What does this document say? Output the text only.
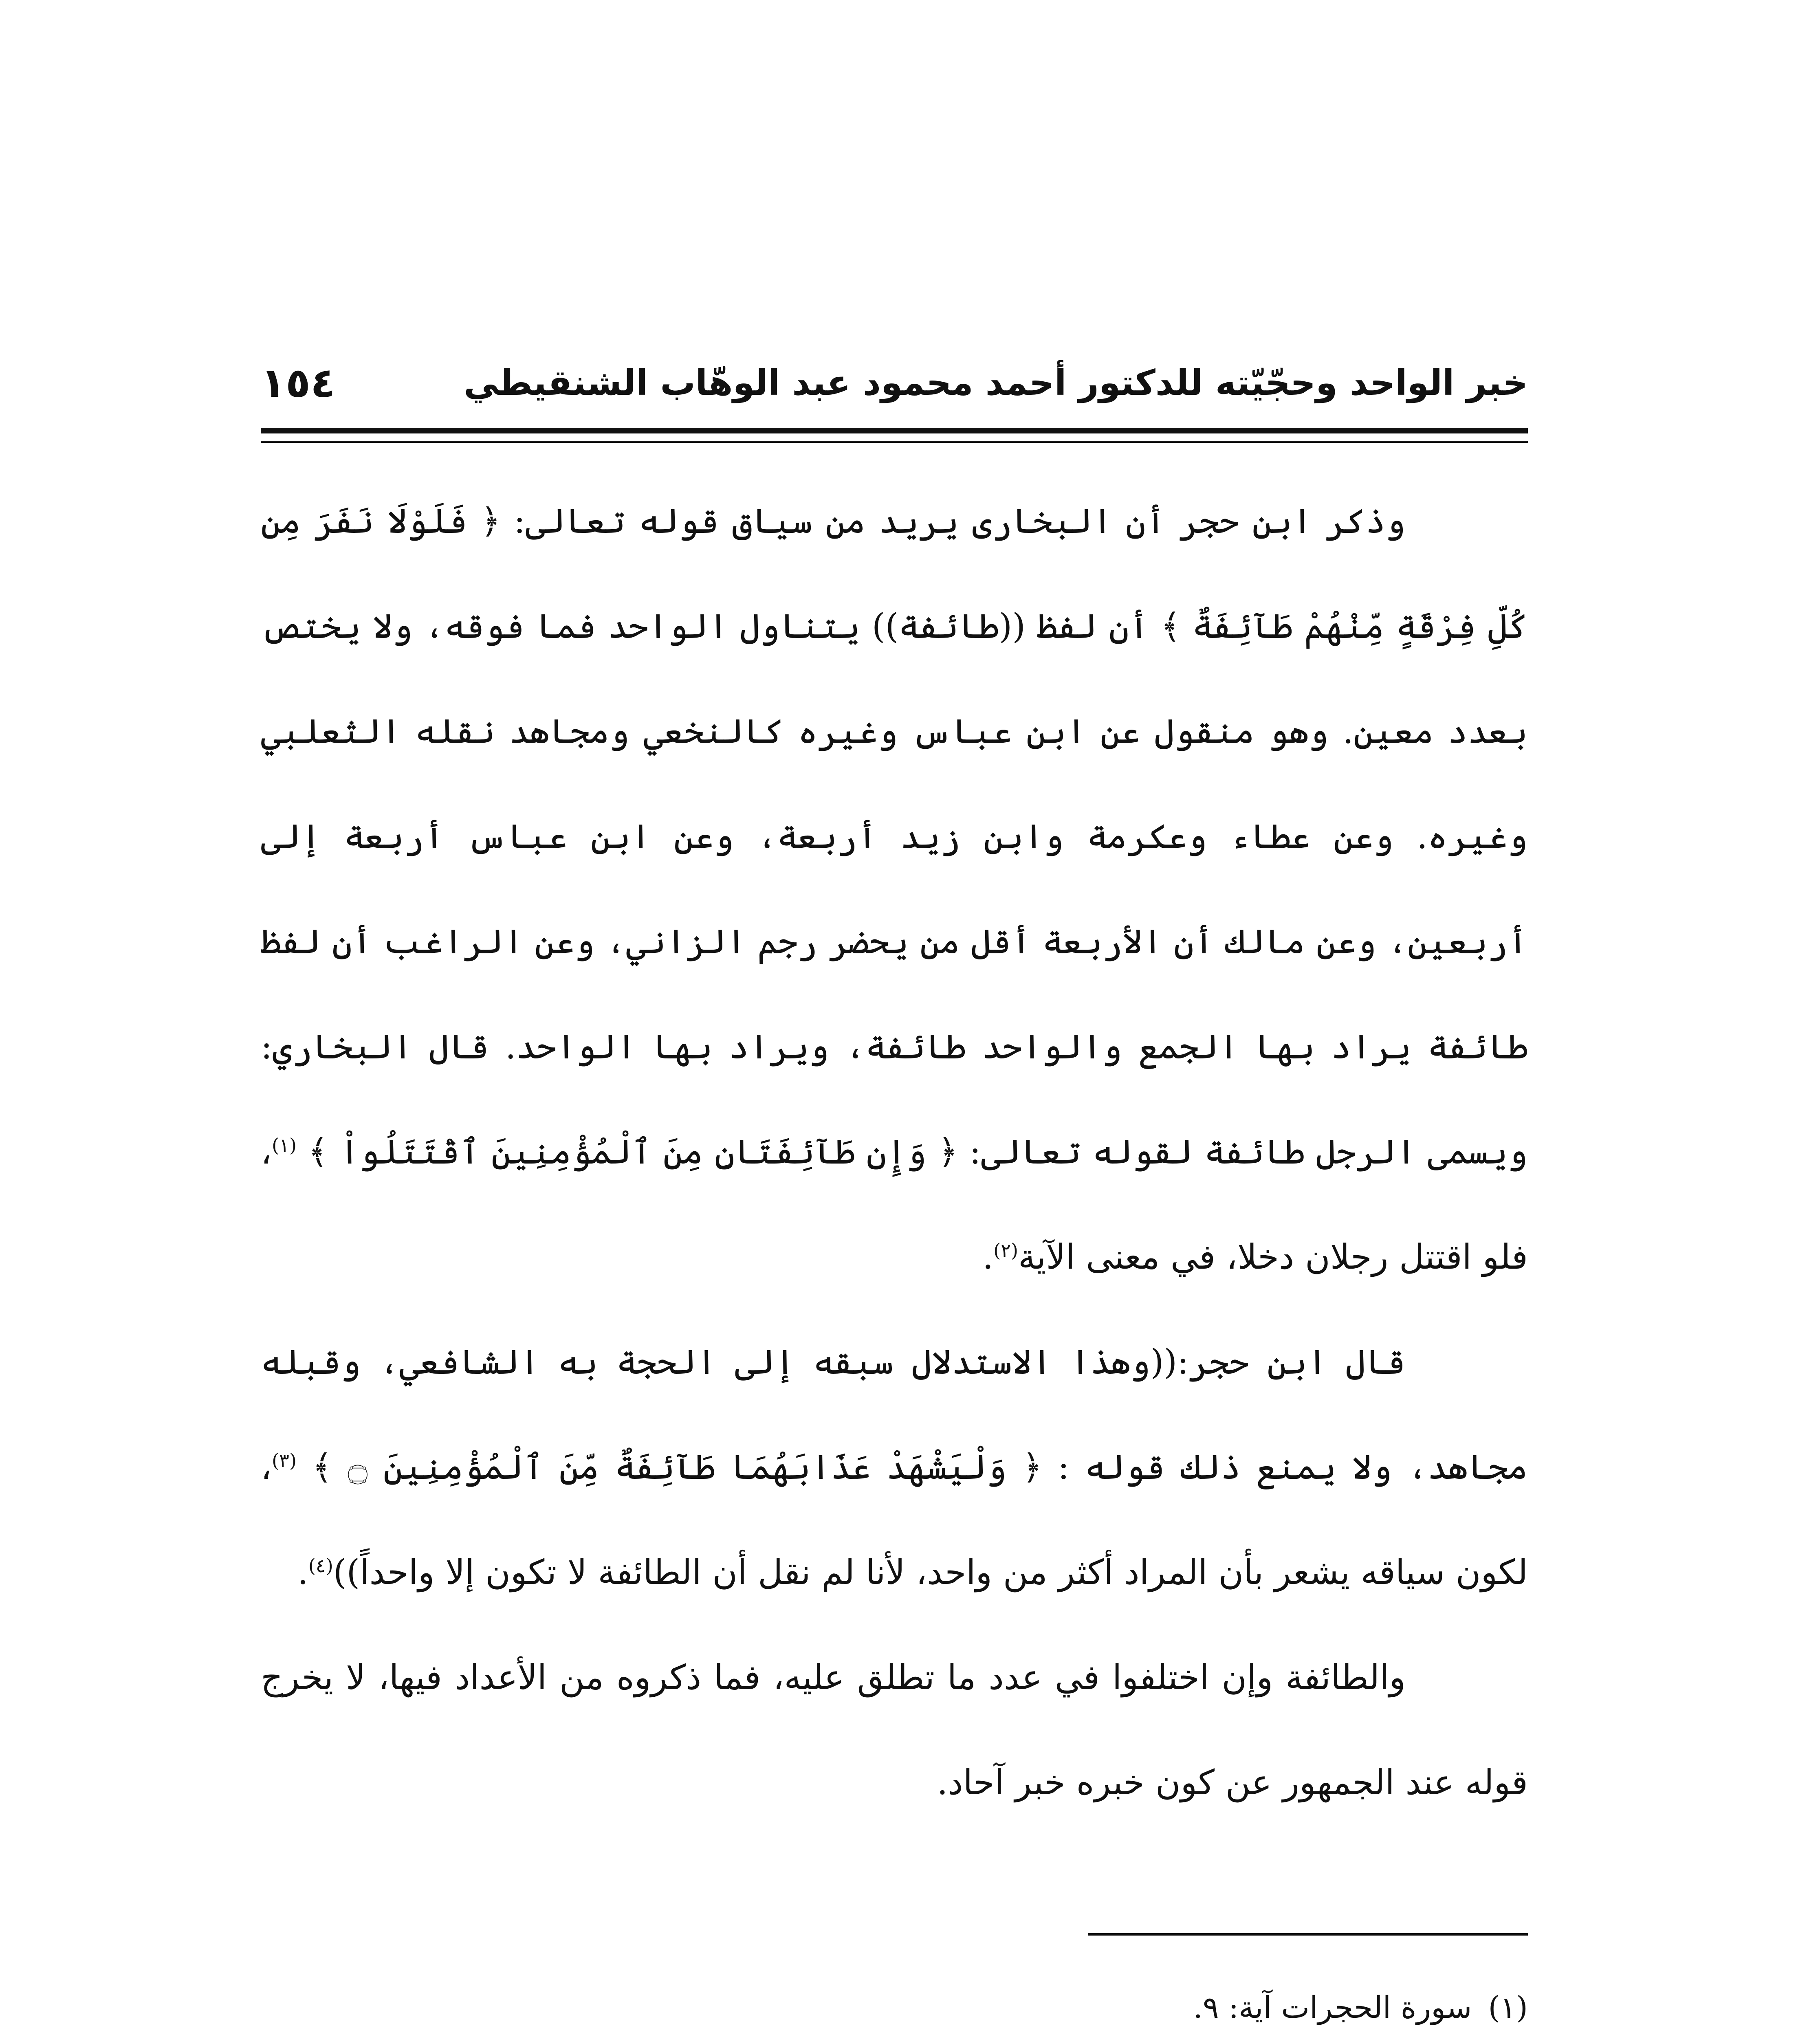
خبر الواحد وحجّيّته للدكتور أحمد محمود عبد الوهّاب الشنقيطي
١٥٤

وذكر ابن حجر أن البخارى يريد من سياق قوله تعالى: ﴿ فَلَوْلَا نَفَرَ مِن كُلِّ فِرْقَةٍ مِّنْهُمْ طَآئِفَةٌ ﴾ أن لفظ ((طائفة)) يتناول الواحد فما فوقه، ولا يختص بعدد معين. وهو منقول عن ابن عباس وغيره كالنخعي ومجاهد نقله الثعلبي وغيره. وعن عطاء وعكرمة وابن زيد أربعة، وعن ابن عباس أربعة إلى أربعين، وعن مالك أن الأربعة أقل من يحضر رجم الزاني، وعن الراغب أن لفظ طائفة يراد بها الجمع والواحد طائفة، ويراد بها الواحد. قال البخاري: ويسمى الرجل طائفة لقوله تعالى: ﴿ وَإِن طَآئِفَتَانِ مِنَ ٱلْمُؤْمِنِينَ ٱقْتَتَلُواْ ﴾ $^{(١)}$، فلو اقتتل رجلان دخلا، في معنى الآية$^{(٢)}$.

قال ابن حجر:((وهذا الاستدلال سبقه إلى الحجة به الشافعي، وقبله مجاهد، ولا يمنع ذلك قوله : ﴿ وَلْيَشْهَدْ عَذَابَهُمَا طَآئِفَةٌ مِّنَ ٱلْمُؤْمِنِينَ ۝ ﴾ $^{(٣)}$، لكون سياقه يشعر بأن المراد أكثر من واحد، لأنا لم نقل أن الطائفة لا تكون إلا واحداً))$^{(٤)}$.

والطائفة وإن اختلفوا في عدد ما تطلق عليه، فما ذكروه من الأعداد فيها، لا يخرج قوله عند الجمهور عن كون خبره خبر آحاد.

(١)سورة الحجرات آية: ٩.
